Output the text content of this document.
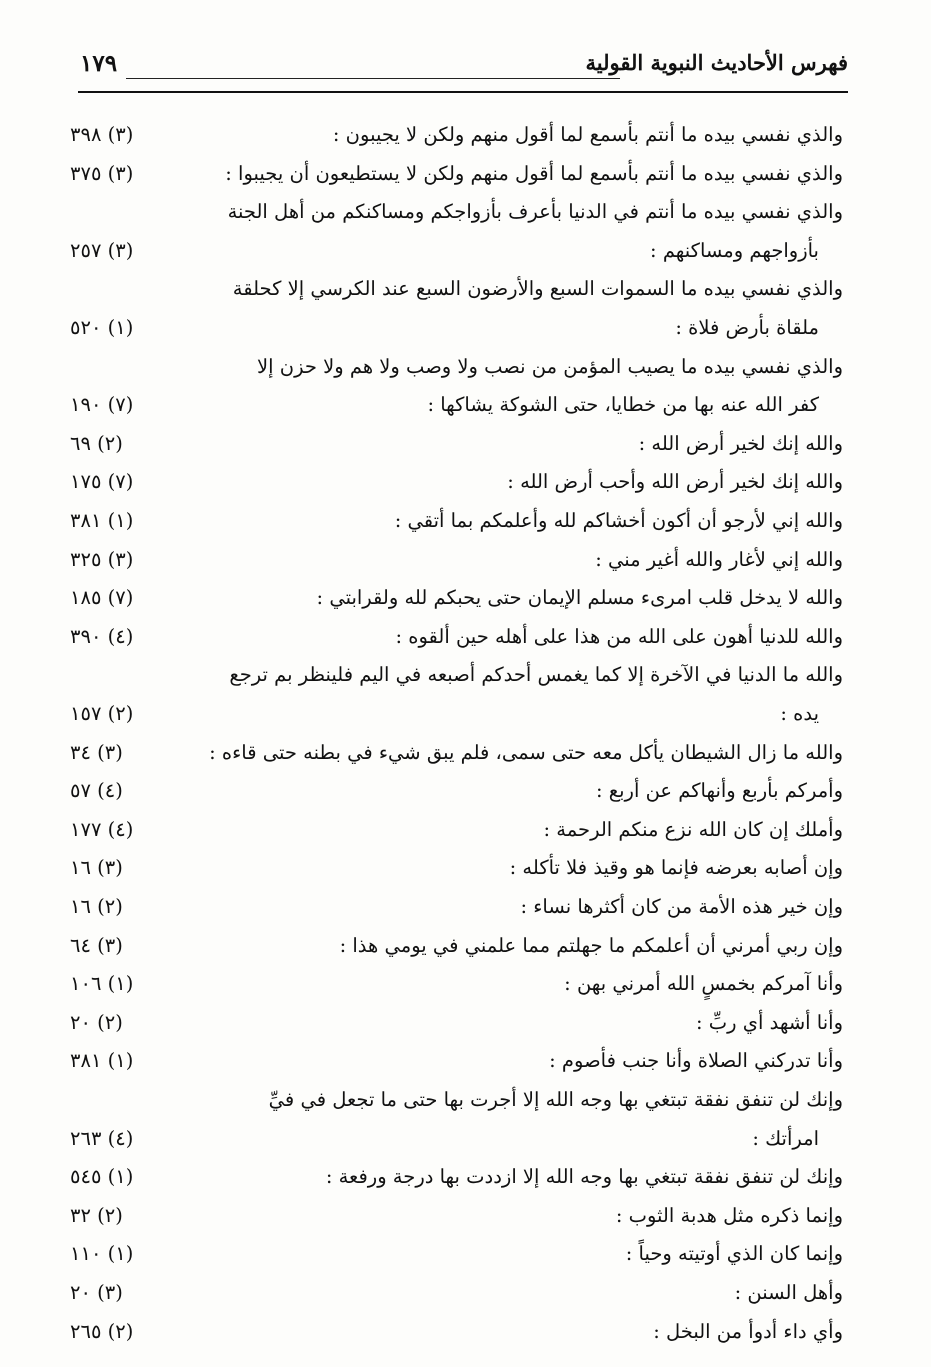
فهرس الأحاديث النبوية القولية
١٧٩
والذي نفسي بيده ما أنتم بأسمع لما أقول منهم ولكن لا يجيبون :
(٣) ٣٩٨
والذي نفسي بيده ما أنتم بأسمع لما أقول منهم ولكن لا يستطيعون أن يجيبوا :
(٣) ٣٧٥
والذي نفسي بيده ما أنتم في الدنيا بأعرف بأزواجكم ومساكنكم من أهل الجنة
بأزواجهم ومساكنهم :
(٣) ٢٥٧
والذي نفسي بيده ما السموات السبع والأرضون السبع عند الكرسي إلا كحلقة
ملقاة بأرض فلاة :
(١) ٥٢٠
والذي نفسي بيده ما يصيب المؤمن من نصب ولا وصب ولا هم ولا حزن إلا
كفر الله عنه بها من خطايا، حتى الشوكة يشاكها :
(٧) ١٩٠
والله إنك لخير أرض الله :
(٢) ٦٩
والله إنك لخير أرض الله وأحب أرض الله :
(٧) ١٧٥
والله إني لأرجو أن أكون أخشاكم لله وأعلمكم بما أتقي :
(١) ٣٨١
والله إني لأغار والله أغير مني :
(٣) ٣٢٥
والله لا يدخل قلب امرىء مسلم الإيمان حتى يحبكم لله ولقرابتي :
(٧) ١٨٥
والله للدنيا أهون على الله من هذا على أهله حين ألقوه :
(٤) ٣٩٠
والله ما الدنيا في الآخرة إلا كما يغمس أحدكم أصبعه في اليم فلينظر بم ترجع
يده :
(٢) ١٥٧
والله ما زال الشيطان يأكل معه حتى سمى، فلم يبق شيء في بطنه حتى قاءه :
(٣) ٣٤
وأمركم بأربع وأنهاكم عن أربع :
(٤) ٥٧
وأملك إن كان الله نزع منكم الرحمة :
(٤) ١٧٧
وإن أصابه بعرضه فإنما هو وقيذ فلا تأكله :
(٣) ١٦
وإن خير هذه الأمة من كان أكثرها نساء :
(٢) ١٦
وإن ربي أمرني أن أعلمكم ما جهلتم مما علمني في يومي هذا :
(٣) ٦٤
وأنا آمركم بخمسٍ الله أمرني بهن :
(١) ١٠٦
وأنا أشهد أي ربِّ :
(٢) ٢٠
وأنا تدركني الصلاة وأنا جنب فأصوم :
(١) ٣٨١
وإنك لن تنفق نفقة تبتغي بها وجه الله إلا أجرت بها حتى ما تجعل في فيِّ
امرأتك :
(٤) ٢٦٣
وإنك لن تنفق نفقة تبتغي بها وجه الله إلا ازددت بها درجة ورفعة :
(١) ٥٤٥
وإنما ذكره مثل هدبة الثوب :
(٢) ٣٢
وإنما كان الذي أوتيته وحياً :
(١) ١١٠
وأهل السنن :
(٣) ٢٠
وأي داء أدوأ من البخل :
(٢) ٢٦٥
